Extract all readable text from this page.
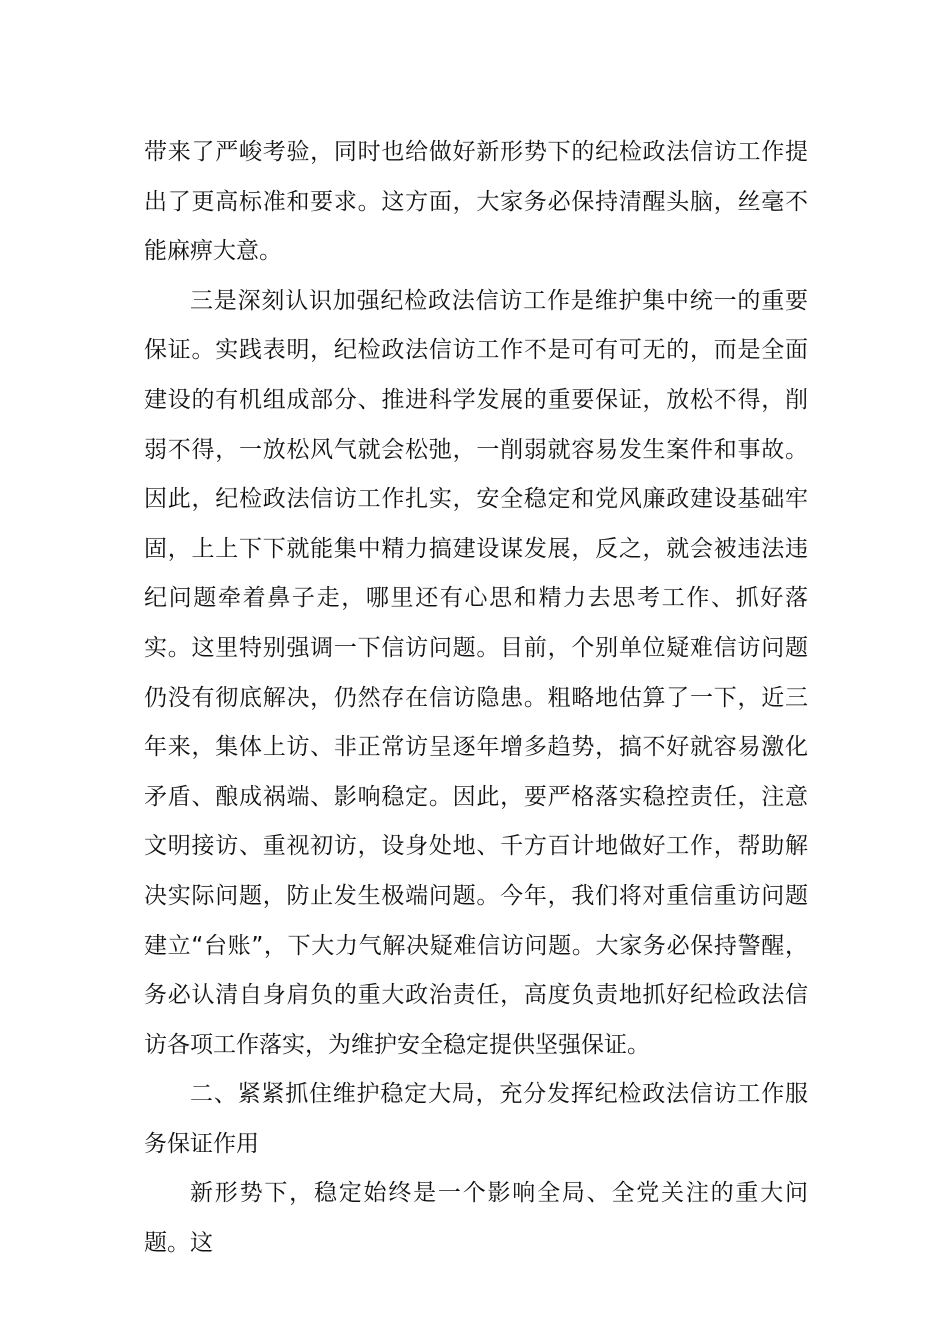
带来了严峻考验，同时也给做好新形势下的纪检政法信访工作提出了更高标准和要求。这方面，大家务必保持清醒头脑，丝毫不能麻痹大意。

三是深刻认识加强纪检政法信访工作是维护集中统一的重要保证。实践表明，纪检政法信访工作不是可有可无的，而是全面建设的有机组成部分、推进科学发展的重要保证，放松不得，削弱不得，一放松风气就会松弛，一削弱就容易发生案件和事故。因此，纪检政法信访工作扎实，安全稳定和党风廉政建设基础牢固，上上下下就能集中精力搞建设谋发展，反之，就会被违法违纪问题牵着鼻子走，哪里还有心思和精力去思考工作、抓好落实。这里特别强调一下信访问题。目前，个别单位疑难信访问题仍没有彻底解决，仍然存在信访隐患。粗略地估算了一下，近三年来，集体上访、非正常访呈逐年增多趋势，搞不好就容易激化矛盾、酿成祸端、影响稳定。因此，要严格落实稳控责任，注意文明接访、重视初访，设身处地、千方百计地做好工作，帮助解决实际问题，防止发生极端问题。今年，我们将对重信重访问题建立“台账”，下大力气解决疑难信访问题。大家务必保持警醒，务必认清自身肩负的重大政治责任，高度负责地抓好纪检政法信访各项工作落实，为维护安全稳定提供坚强保证。

二、紧紧抓住维护稳定大局，充分发挥纪检政法信访工作服务保证作用

新形势下，稳定始终是一个影响全局、全党关注的重大问题。这
